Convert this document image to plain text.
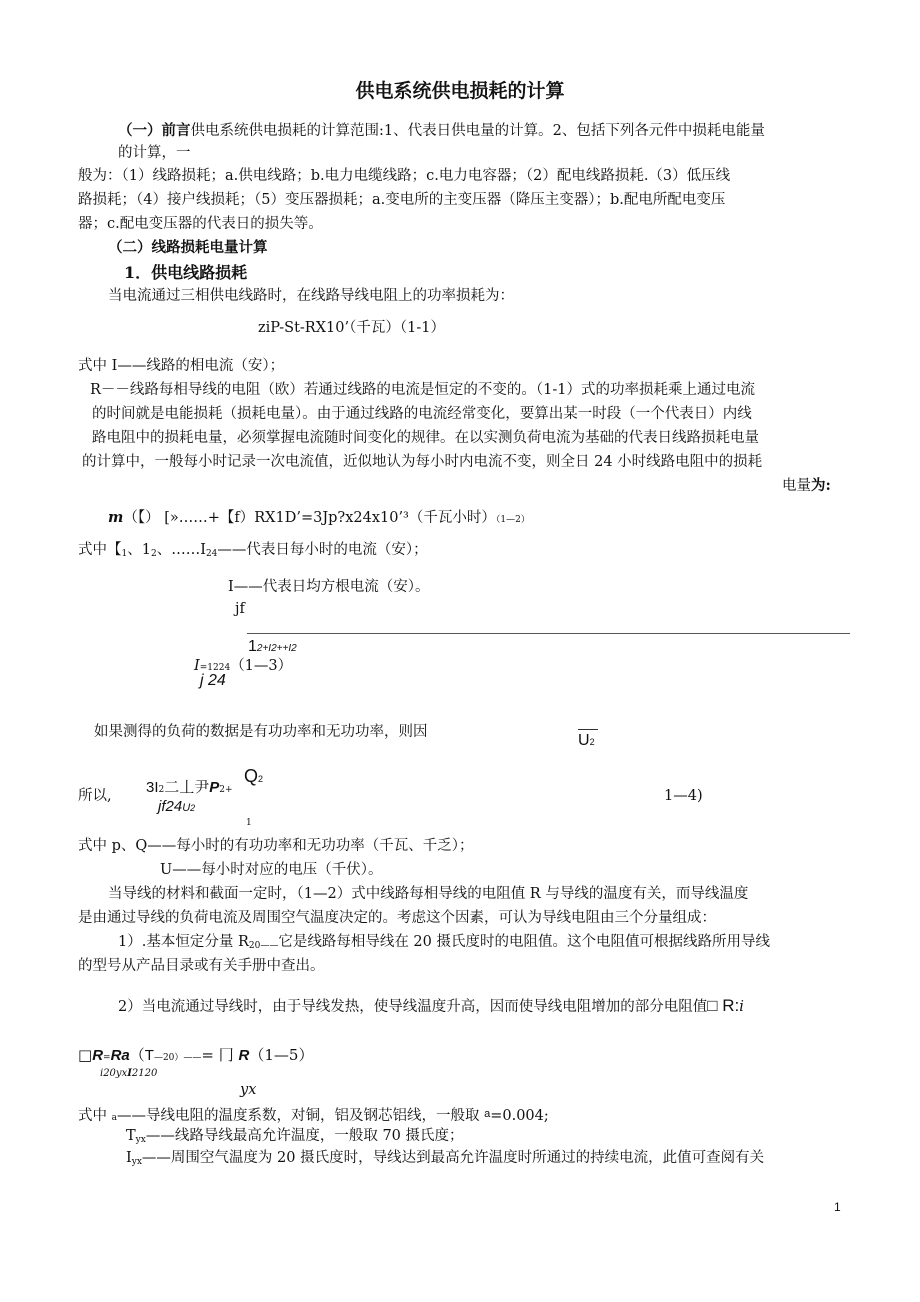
供电系统供电损耗的计算
（一）前言供电系统供电损耗的计算范围:1、代表日供电量的计算。2、包括下列各元件中损耗电能量
的计算，一
般为：（1）线路损耗；a.供电线路；b.电力电缆线路；c.电力电容器；（2）配电线路损耗.（3）低压线
路损耗；（4）接户线损耗；（5）变压器损耗；a.变电所的主变压器（降压主变器）；b.配电所配电变压
器；c.配电变压器的代表日的损失等。
（二）线路损耗电量计算
1．供电线路损耗
当电流通过三相供电线路时，在线路导线电阻上的功率损耗为：
ziP-St-RX10’（千瓦）（1-1）
式中 I——线路的相电流（安）；
R－－线路每相导线的电阻（欧）若通过线路的电流是恒定的不变的。（1-1）式的功率损耗乘上通过电流
的时间就是电能损耗（损耗电量）。由于通过线路的电流经常变化，要算出某一时段（一个代表日）内线
路电阻中的损耗电量，必须掌握电流随时间变化的规律。在以实测负荷电流为基础的代表日线路损耗电量
的计算中，一般每小时记录一次电流值，近似地认为每小时内电流不变，则全日 24 小时线路电阻中的损耗
电量为:
m（【） [»……+【f）RX1D’=3Jp?x24x10’³（千瓦小时）（1—2）
式中【$_1$、$1_2$、$\dots\dots I_{24}——$代表日每小时的电流（安）；
I——代表日均方根电流（安）。
jf
12+I2++I2
I=1224（1—3）
j 24
如果测得的负荷的数据是有功功率和无功功率，则因	U2
所以, 3I2二丄尹P2+
Q2
jf24U2
1
1—4)
式中 p、Q——每小时的有功功率和无功功率（千瓦、千乏）；
U——每小时对应的电压（千伏）。
当导线的材料和截面一定时，（1—2）式中线路每相导线的电阻值 R 与导线的温度有关，而导线温度
是由通过导线的负荷电流及周围空气温度决定的。考虑这个因素，可认为导线电阻由三个分量组成：
1）.基本恒定分量 $R_{20——}$它是线路每相导线在 20 摄氏度时的电阻值。这个电阻值可根据线路所用导线
的型号从产品目录或有关手册中查出。
2）当电流通过导线时，由于导线发热，使导线温度升高，因而使导线电阻增加的部分电阻值□ R:i
□R=Ra（T—20）——= 冂 R（1—5）
i20yxI2120
yx
式中 a——导线电阻的温度系数，对铜，铝及钢芯铝线，一般取 $^a$=0.004;
$T_{yx}——$线路导线最高允许温度，一般取 70 摄氏度；
$I_{yx}——$周围空气温度为 20 摄氏度时，导线达到最高允许温度时所通过的持续电流，此值可查阅有关
1
